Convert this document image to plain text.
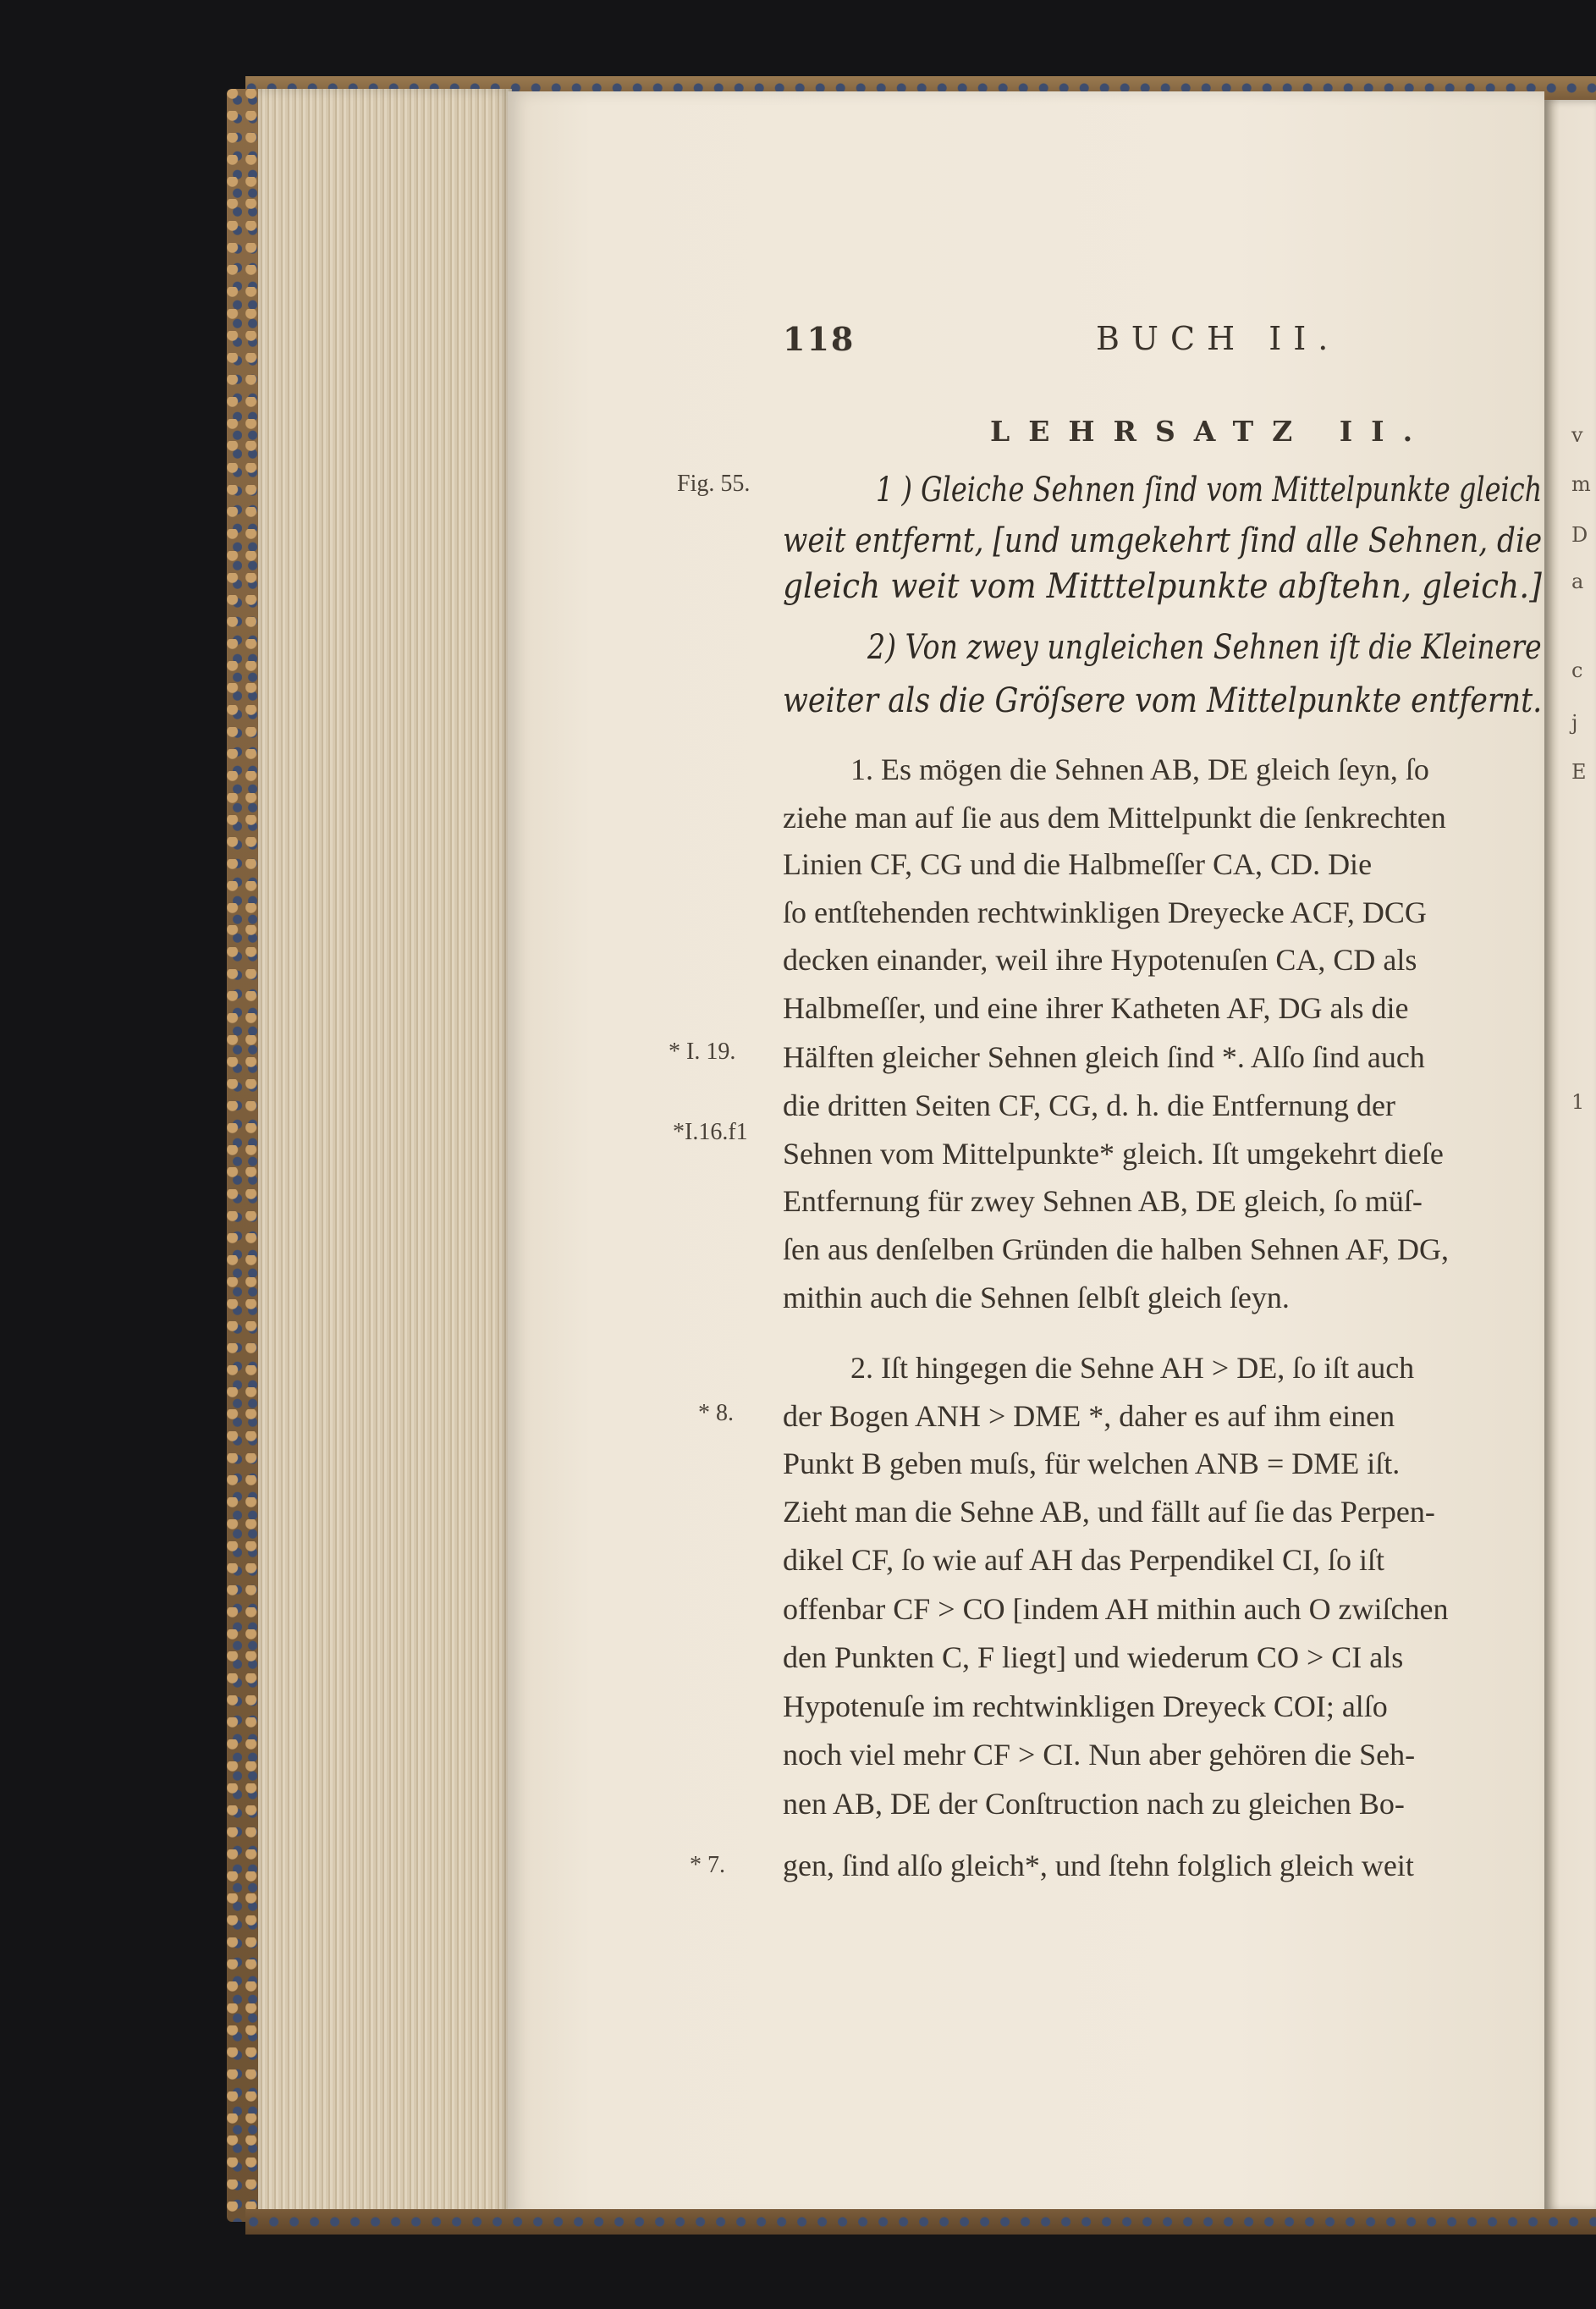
v
m
D
a
c
j
E
1
118	BUCH II.
LEHRSATZ II.
Fig. 55.
* I. 19.
*I.16.f1
* 8.
* 7.
1 ) Gleiche Sehnen ſind vom Mittelpunkte gleich
weit entfernt, [und umgekehrt ſind alle Sehnen, die
gleich weit vom Mitttelpunkte abſtehn, gleich.]
2) Von zwey ungleichen Sehnen iſt die Kleinere
weiter als die Gröſsere vom Mittelpunkte entfernt.
1. Es mögen die Sehnen AB, DE gleich ſeyn, ſo
ziehe man auf ſie aus dem Mittelpunkt die ſenkrechten
Linien CF, CG und die Halbmeſſer CA, CD. Die
ſo entſtehenden rechtwinkligen Dreyecke ACF, DCG
decken einander, weil ihre Hypotenuſen CA, CD als
Halbmeſſer, und eine ihrer Katheten AF, DG als die
Hälften gleicher Sehnen gleich ſind *. Alſo ſind auch
die dritten Seiten CF, CG, d. h. die Entfernung der
Sehnen vom Mittelpunkte* gleich. Iſt umgekehrt dieſe
Entfernung für zwey Sehnen AB, DE gleich, ſo müſ-
ſen aus denſelben Gründen die halben Sehnen AF, DG,
mithin auch die Sehnen ſelbſt gleich ſeyn.
2. Iſt hingegen die Sehne AH > DE, ſo iſt auch
der Bogen ANH > DME *, daher es auf ihm einen
Punkt B geben muſs, für welchen ANB = DME iſt.
Zieht man die Sehne AB, und fällt auf ſie das Perpen-
dikel CF, ſo wie auf AH das Perpendikel CI, ſo iſt
offenbar CF > CO [indem AH mithin auch O zwiſchen
den Punkten C, F liegt] und wiederum CO > CI als
Hypotenuſe im rechtwinkligen Dreyeck COI; alſo
noch viel mehr CF > CI. Nun aber gehören die Seh-
nen AB, DE der Conſtruction nach zu gleichen Bo-
gen, ſind alſo gleich*, und ſtehn folglich gleich weit
